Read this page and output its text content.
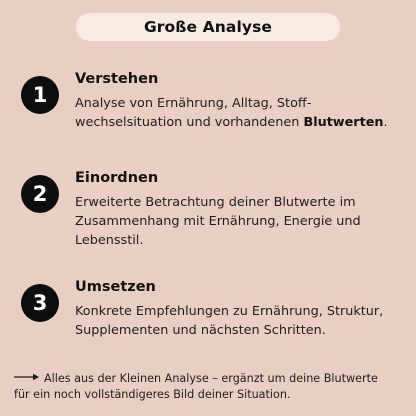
Große Analyse
1
Verstehen
Analyse von Ernährung, Alltag, Stoff-
wechselsituation und vorhandenen Blutwerten.
2
Einordnen
Erweiterte Betrachtung deiner Blutwerte im
Zusammenhang mit Ernährung, Energie und
Lebensstil.
3
Umsetzen
Konkrete Empfehlungen zu Ernährung, Struktur,
Supplementen und nächsten Schritten.
Alles aus der Kleinen Analyse – ergänzt um deine Blutwerte
für ein noch vollständigeres Bild deiner Situation.
